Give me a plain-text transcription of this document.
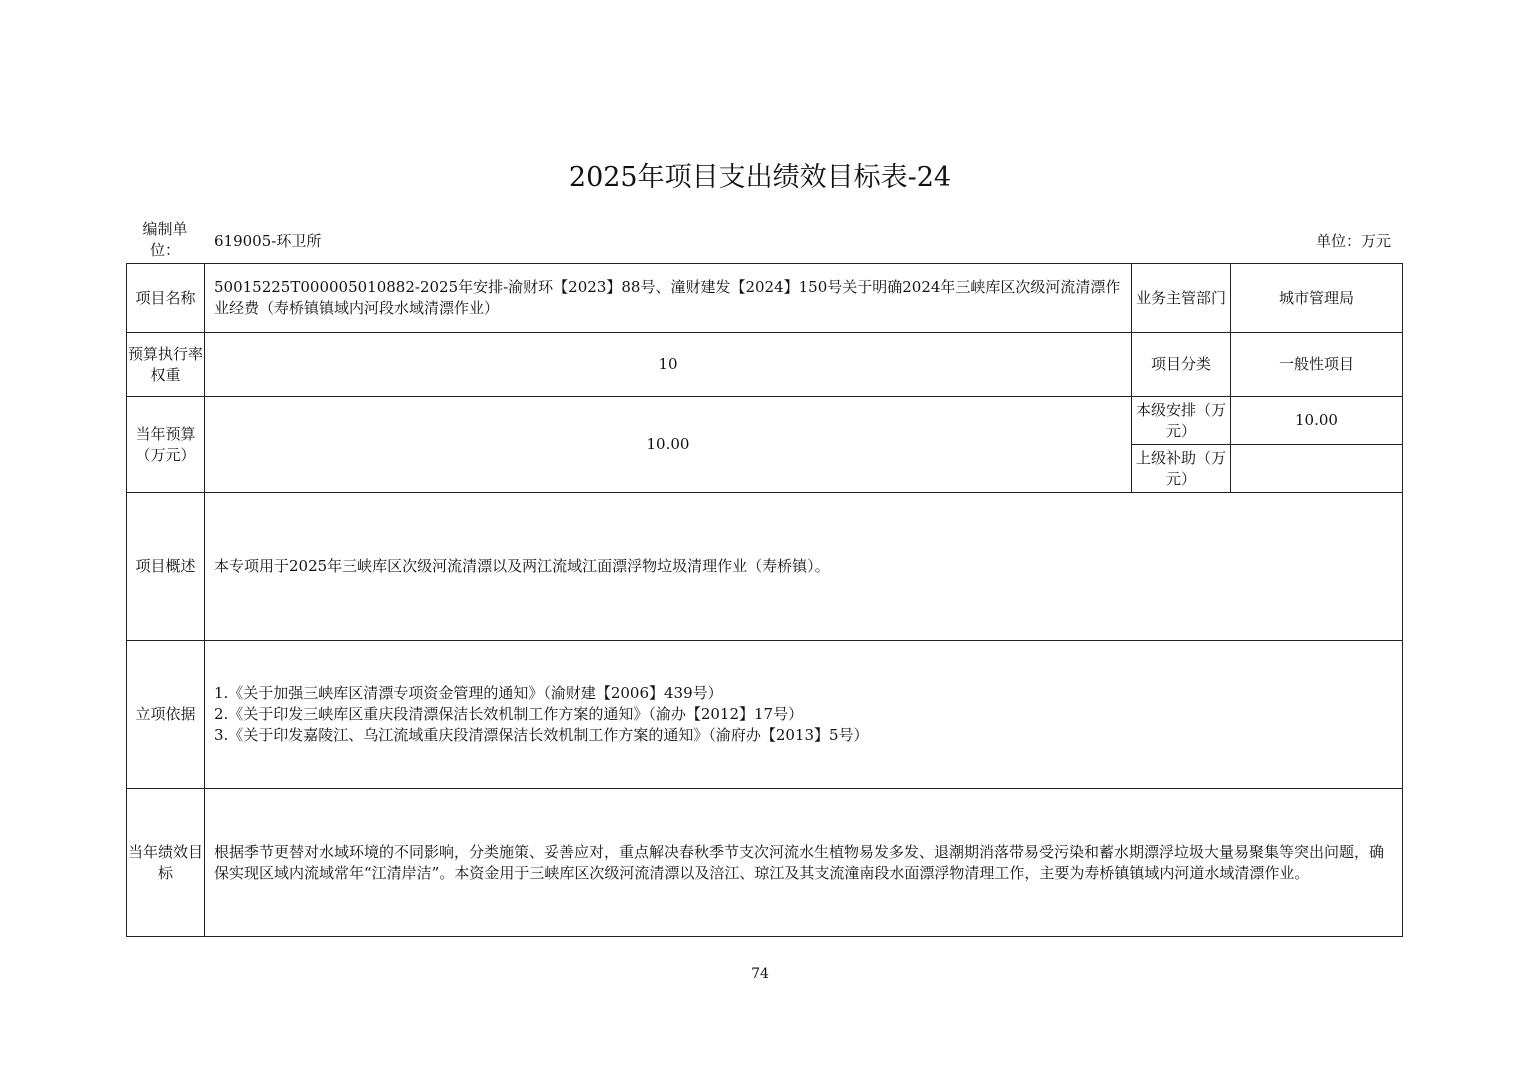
2025年项目支出绩效目标表-24
编制单位：	619005-环卫所	单位：万元
项目名称	50015225T000005010882-2025年安排-渝财环【2023】88号、潼财建发【2024】150号关于明确2024年三峡库区次级河流清漂作业经费（寿桥镇镇域内河段水域清漂作业）	业务主管部门	城市管理局
预算执行率权重	10	项目分类	一般性项目
当年预算（万元）	10.00	本级安排（万元）	10.00
		上级补助（万元）	
项目概述	本专项用于2025年三峡库区次级河流清漂以及两江流域江面漂浮物垃圾清理作业（寿桥镇）。		
立项依据	1.《关于加强三峡库区清漂专项资金管理的通知》（渝财建【2006】439号）
2.《关于印发三峡库区重庆段清漂保洁长效机制工作方案的通知》（渝办【2012】17号）
3.《关于印发嘉陵江、乌江流域重庆段清漂保洁长效机制工作方案的通知》（渝府办【2013】5号）		
当年绩效目标	根据季节更替对水域环境的不同影响，分类施策、妥善应对，重点解决春秋季节支次河流水生植物易发多发、退潮期消落带易受污染和蓄水期漂浮垃圾大量易聚集等突出问题，确保实现区域内流域常年“江清岸洁”。本资金用于三峡库区次级河流清漂以及涪江、琼江及其支流潼南段水面漂浮物清理工作，主要为寿桥镇镇域内河道水域清漂作业。		
74
